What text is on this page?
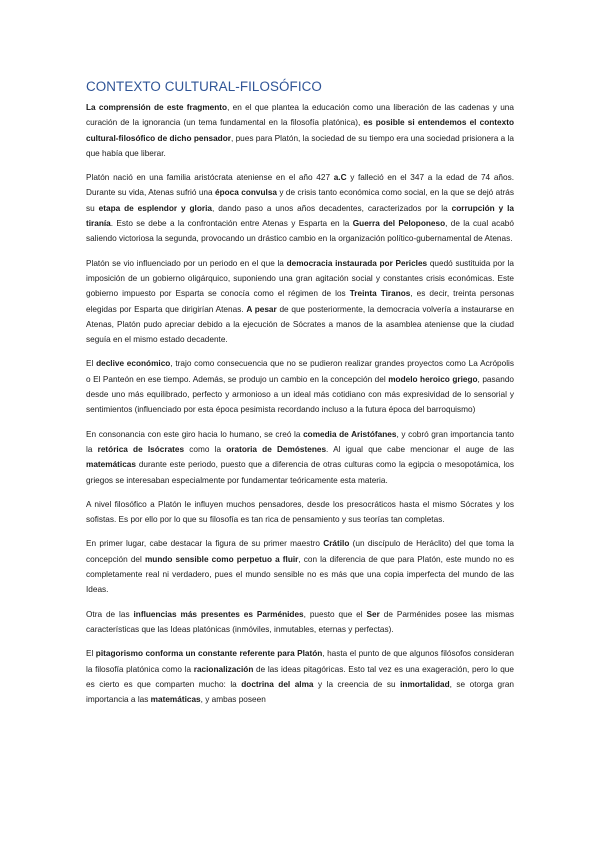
CONTEXTO CULTURAL-FILOSÓFICO

La comprensión de este fragmento, en el que plantea la educación como una liberación de las cadenas y una curación de la ignorancia (un tema fundamental en la filosofía platónica), es posible si entendemos el contexto cultural-filosófico de dicho pensador, pues para Platón, la sociedad de su tiempo era una sociedad prisionera a la que había que liberar.

Platón nació en una familia aristócrata ateniense en el año 427 a.C y falleció en el 347 a la edad de 74 años. Durante su vida, Atenas sufrió una época convulsa y de crisis tanto económica como social, en la que se dejó atrás su etapa de esplendor y gloria, dando paso a unos años decadentes, caracterizados por la corrupción y la tiranía. Esto se debe a la confrontación entre Atenas y Esparta en la Guerra del Peloponeso, de la cual acabó saliendo victoriosa la segunda, provocando un drástico cambio en la organización político-gubernamental de Atenas.

Platón se vio influenciado por un periodo en el que la democracia instaurada por Pericles quedó sustituida por la imposición de un gobierno oligárquico, suponiendo una gran agitación social y constantes crisis económicas. Este gobierno impuesto por Esparta se conocía como el régimen de los Treinta Tiranos, es decir, treinta personas elegidas por Esparta que dirigirían Atenas. A pesar de que posteriormente, la democracia volvería a instaurarse en Atenas, Platón pudo apreciar debido a la ejecución de Sócrates a manos de la asamblea ateniense que la ciudad seguía en el mismo estado decadente.

El declive económico, trajo como consecuencia que no se pudieron realizar grandes proyectos como La Acrópolis o El Panteón en ese tiempo. Además, se produjo un cambio en la concepción del modelo heroico griego, pasando desde uno más equilibrado, perfecto y armonioso a un ideal más cotidiano con más expresividad de lo sensorial y sentimientos (influenciado por esta época pesimista recordando incluso a la futura época del barroquismo)

En consonancia con este giro hacia lo humano, se creó la comedia de Aristófanes, y cobró gran importancia tanto la retórica de Isócrates como la oratoria de Demóstenes. Al igual que cabe mencionar el auge de las matemáticas durante este periodo, puesto que a diferencia de otras culturas como la egipcia o mesopotámica, los griegos se interesaban especialmente por fundamentar teóricamente esta materia.

A nivel filosófico a Platón le influyen muchos pensadores, desde los presocráticos hasta el mismo Sócrates y los sofistas. Es por ello por lo que su filosofía es tan rica de pensamiento y sus teorías tan completas.

En primer lugar, cabe destacar la figura de su primer maestro Crátilo (un discípulo de Heráclito) del que toma la concepción del mundo sensible como perpetuo a fluir, con la diferencia de que para Platón, este mundo no es completamente real ni verdadero, pues el mundo sensible no es más que una copia imperfecta del mundo de las Ideas.

Otra de las influencias más presentes es Parménides, puesto que el Ser de Parménides posee las mismas características que las Ideas platónicas (inmóviles, inmutables, eternas y perfectas).

El pitagorismo conforma un constante referente para Platón, hasta el punto de que algunos filósofos consideran la filosofía platónica como la racionalización de las ideas pitagóricas. Esto tal vez es una exageración, pero lo que es cierto es que comparten mucho: la doctrina del alma y la creencia de su inmortalidad, se otorga gran importancia a las matemáticas, y ambas poseen
